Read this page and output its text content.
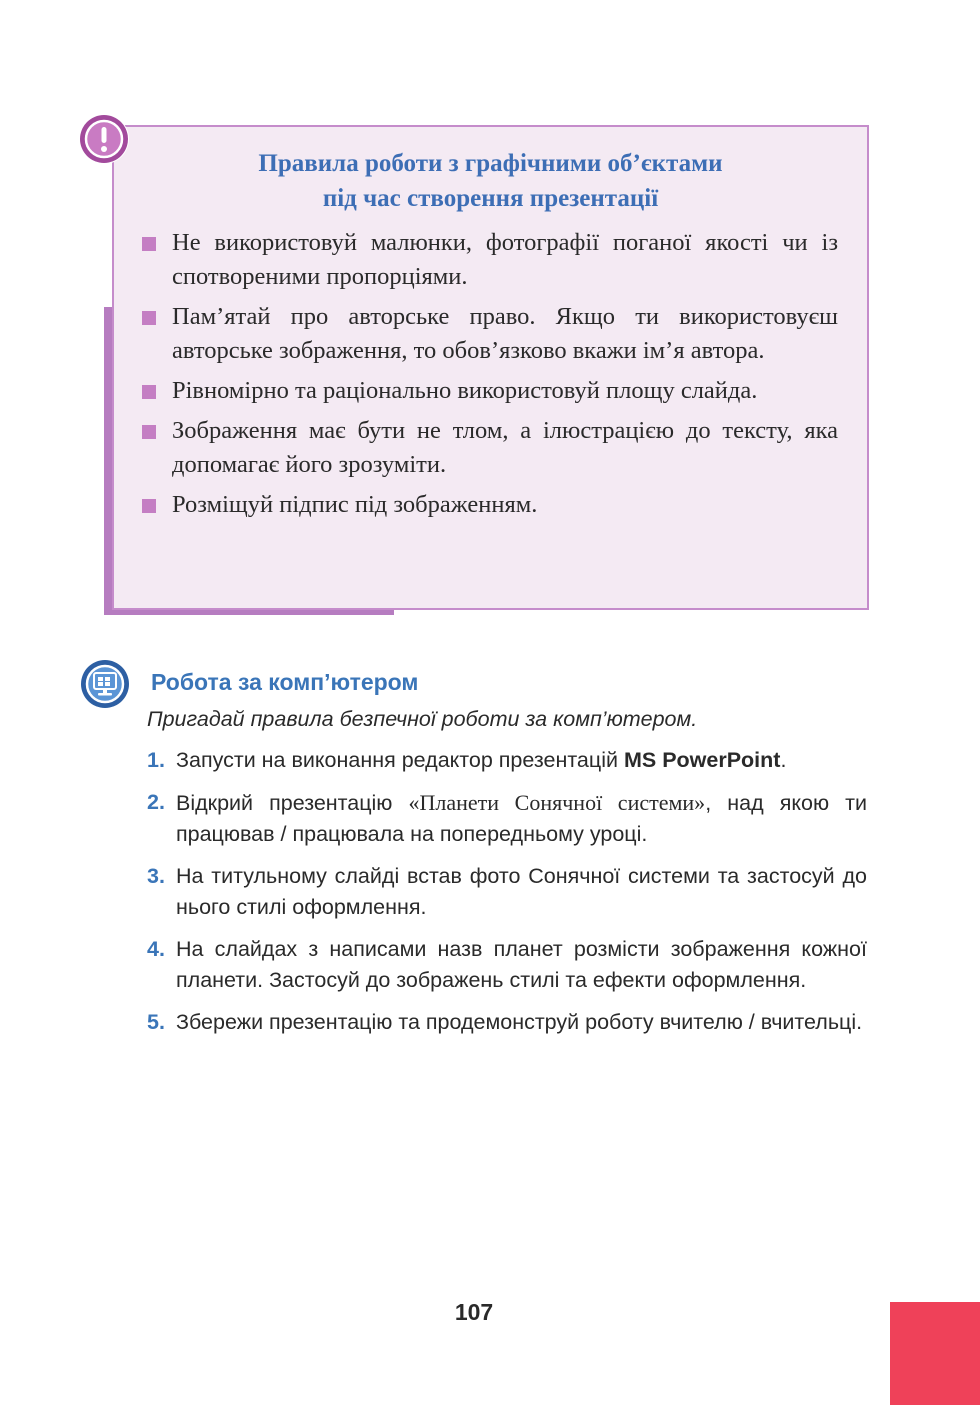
Правила роботи з графічними об’єктами
під час створення презентації
Не використовуй малюнки, фотографії поганої якості чи із спотвореними пропорціями.
Пам’ятай про авторське право. Якщо ти використовуєш авторське зображення, то обов’язково вкажи ім’я автора.
Рівномірно та раціонально використовуй площу слайда.
Зображення має бути не тлом, а ілюстрацією до тексту, яка допомагає його зрозуміти.
Розміщуй підпис під зображенням.
Робота за комп’ютером
Пригадай правила безпечної роботи за комп’ютером.
1. Запусти на виконання редактор презентацій MS PowerPoint.
2. Відкрий презентацію «Планети Сонячної системи», над якою ти працював / працювала на попередньому уроці.
3. На титульному слайді встав фото Сонячної системи та застосуй до нього стилі оформлення.
4. На слайдах з написами назв планет розмісти зображення кожної планети. Застосуй до зображень стилі та ефекти оформлення.
5. Збережи презентацію та продемонструй роботу вчителю / вчительці.
107
